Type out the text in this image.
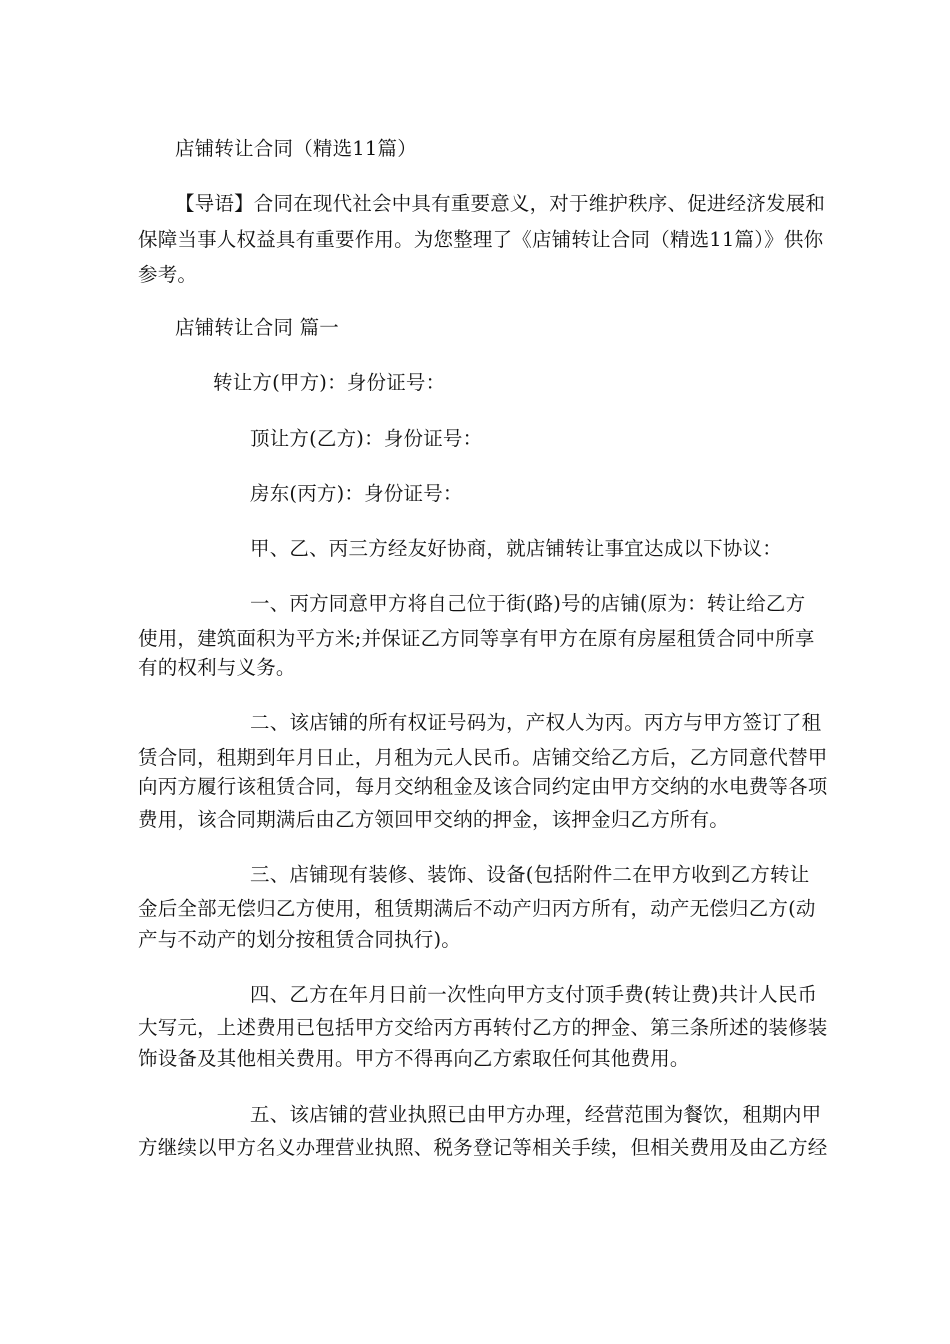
店铺转让合同（精选11篇）
【导语】合同在现代社会中具有重要意义，对于维护秩序、促进经济发展和
保障当事人权益具有重要作用。为您整理了《店铺转让合同（精选11篇）》供你
参考。
店铺转让合同 篇一
转让方(甲方)：身份证号：
顶让方(乙方)：身份证号：
房东(丙方)：身份证号：
甲、乙、丙三方经友好协商，就店铺转让事宜达成以下协议：
一、丙方同意甲方将自己位于街(路)号的店铺(原为：转让给乙方
使用，建筑面积为平方米;并保证乙方同等享有甲方在原有房屋租赁合同中所享
有的权利与义务。
二、该店铺的所有权证号码为，产权人为丙。丙方与甲方签订了租
赁合同，租期到年月日止，月租为元人民币。店铺交给乙方后，乙方同意代替甲
向丙方履行该租赁合同，每月交纳租金及该合同约定由甲方交纳的水电费等各项
费用，该合同期满后由乙方领回甲交纳的押金，该押金归乙方所有。
三、店铺现有装修、装饰、设备(包括附件二在甲方收到乙方转让
金后全部无偿归乙方使用，租赁期满后不动产归丙方所有，动产无偿归乙方(动
产与不动产的划分按租赁合同执行)。
四、乙方在年月日前一次性向甲方支付顶手费(转让费)共计人民币
大写元，上述费用已包括甲方交给丙方再转付乙方的押金、第三条所述的装修装
饰设备及其他相关费用。甲方不得再向乙方索取任何其他费用。
五、该店铺的营业执照已由甲方办理，经营范围为餐饮，租期内甲
方继续以甲方名义办理营业执照、税务登记等相关手续，但相关费用及由乙方经
